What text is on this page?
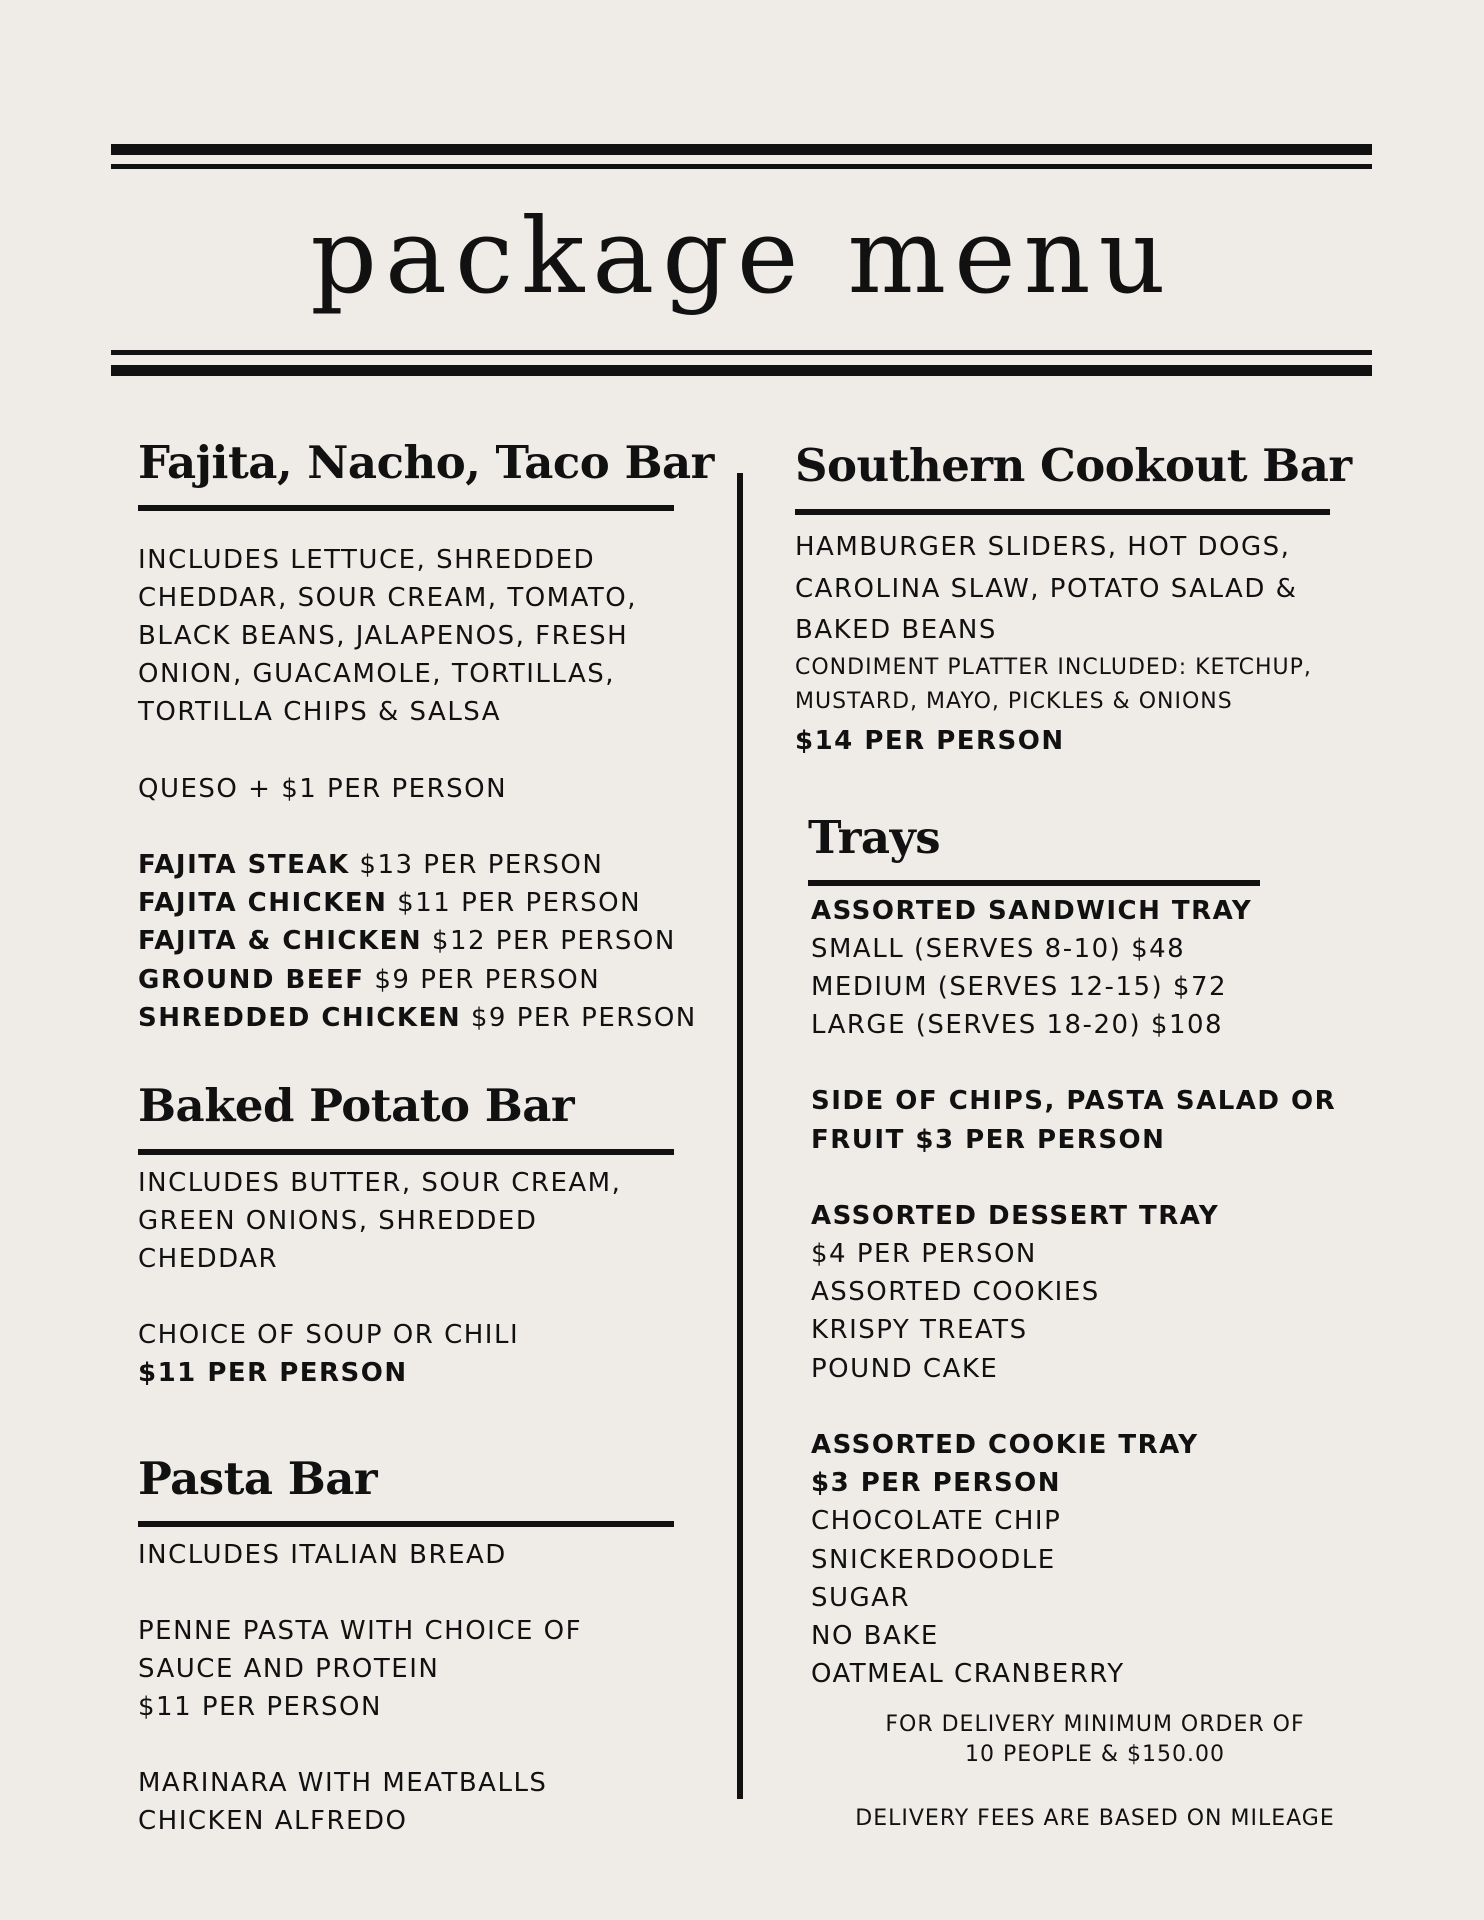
package menu
Fajita, Nacho, Taco Bar
INCLUDES LETTUCE, SHREDDED
CHEDDAR, SOUR CREAM, TOMATO,
BLACK BEANS, JALAPENOS, FRESH
ONION, GUACAMOLE, TORTILLAS,
TORTILLA CHIPS & SALSA
QUESO + $1 PER PERSON
FAJITA STEAK $13 PER PERSON
FAJITA CHICKEN $11 PER PERSON
FAJITA & CHICKEN $12 PER PERSON
GROUND BEEF $9 PER PERSON
SHREDDED CHICKEN $9 PER PERSON
Baked Potato Bar
INCLUDES BUTTER, SOUR CREAM,
GREEN ONIONS, SHREDDED
CHEDDAR
CHOICE OF SOUP OR CHILI
$11 PER PERSON
Pasta Bar
INCLUDES ITALIAN BREAD
PENNE PASTA WITH CHOICE OF
SAUCE AND PROTEIN
$11 PER PERSON
MARINARA WITH MEATBALLS
CHICKEN ALFREDO
Southern Cookout Bar
HAMBURGER SLIDERS, HOT DOGS,
CAROLINA SLAW, POTATO SALAD &
BAKED BEANS
CONDIMENT PLATTER INCLUDED: KETCHUP,
MUSTARD, MAYO, PICKLES & ONIONS
$14 PER PERSON
Trays
ASSORTED SANDWICH TRAY
SMALL (SERVES 8-10) $48
MEDIUM (SERVES 12-15) $72
LARGE (SERVES 18-20) $108
SIDE OF CHIPS, PASTA SALAD OR
FRUIT $3 PER PERSON
ASSORTED DESSERT TRAY
$4 PER PERSON
ASSORTED COOKIES
KRISPY TREATS
POUND CAKE
ASSORTED COOKIE TRAY
$3 PER PERSON
CHOCOLATE CHIP
SNICKERDOODLE
SUGAR
NO BAKE
OATMEAL CRANBERRY
FOR DELIVERY MINIMUM ORDER OF
10 PEOPLE & $150.00
DELIVERY FEES ARE BASED ON MILEAGE
